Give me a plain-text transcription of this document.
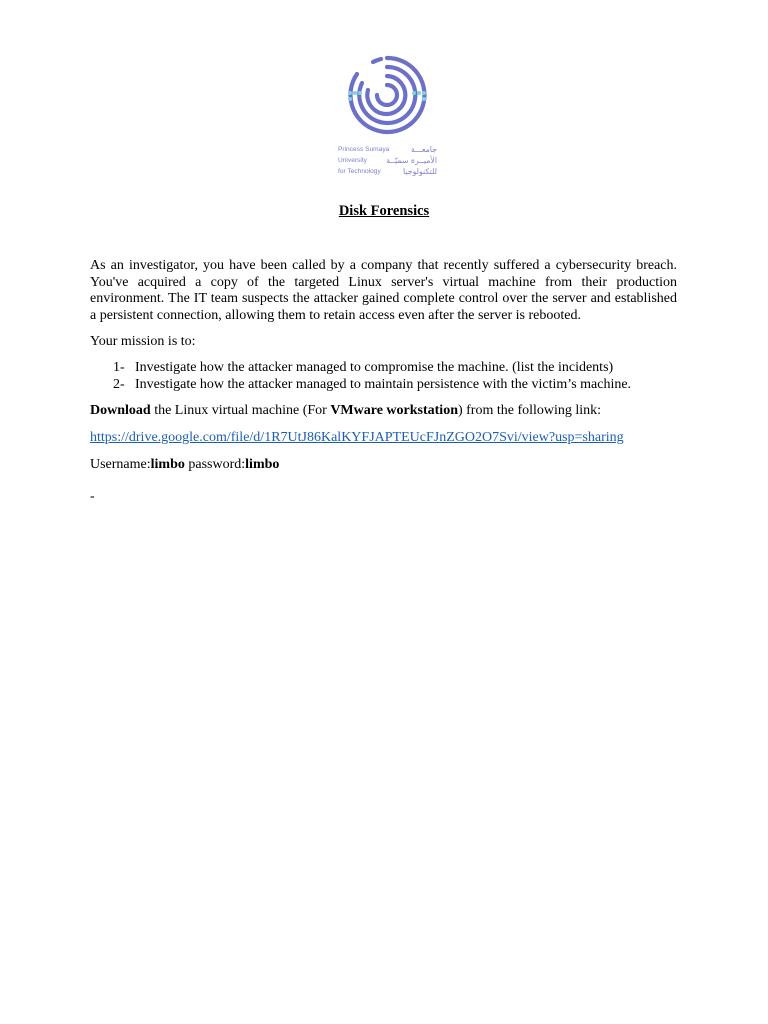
Princess Sumaya
University
for Technology
جامعـــة
الأميــرة سميّــة
للتكنولوجيا
Disk Forensics

As an investigator, you have been called by a company that recently suffered a cybersecurity breach. You've acquired a copy of the targeted Linux server's virtual machine from their production environment. The IT team suspects the attacker gained complete control over the server and established a persistent connection, allowing them to retain access even after the server is rebooted.

Your mission is to:

1- Investigate how the attacker managed to compromise the machine. (list the incidents)
2- Investigate how the attacker managed to maintain persistence with the victim’s machine.

Download the Linux virtual machine (For VMware workstation) from the following link:

https://drive.google.com/file/d/1R7UtJ86KalKYFJAPTEUcFJnZGO2O7Svi/view?usp=sharing

Username:limbo password:limbo

-
